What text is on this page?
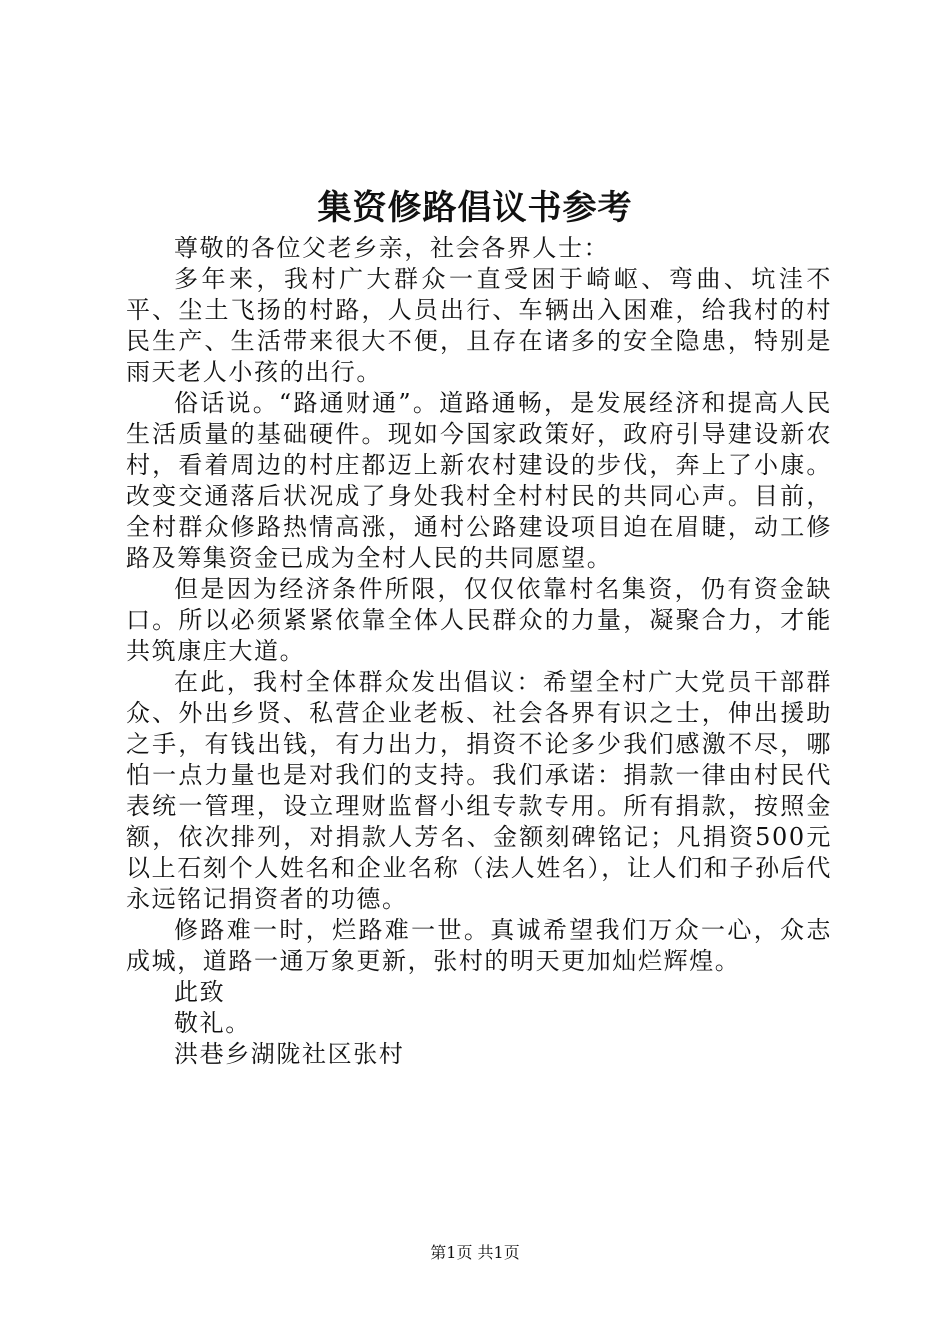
集资修路倡议书参考

尊敬的各位父老乡亲，社会各界人士：

多年来，我村广大群众一直受困于崎岖、弯曲、坑洼不平、尘土飞扬的村路，人员出行、车辆出入困难，给我村的村民生产、生活带来很大不便，且存在诸多的安全隐患，特别是雨天老人小孩的出行。

俗话说。“路通财通”。道路通畅，是发展经济和提高人民生活质量的基础硬件。现如今国家政策好，政府引导建设新农村，看着周边的村庄都迈上新农村建设的步伐，奔上了小康。改变交通落后状况成了身处我村全村村民的共同心声。目前，全村群众修路热情高涨，通村公路建设项目迫在眉睫，动工修路及筹集资金已成为全村人民的共同愿望。

但是因为经济条件所限，仅仅依靠村名集资，仍有资金缺口。所以必须紧紧依靠全体人民群众的力量，凝聚合力，才能共筑康庄大道。

在此，我村全体群众发出倡议：希望全村广大党员干部群众、外出乡贤、私营企业老板、社会各界有识之士，伸出援助之手，有钱出钱，有力出力，捐资不论多少我们感激不尽，哪怕一点力量也是对我们的支持。我们承诺：捐款一律由村民代表统一管理，设立理财监督小组专款专用。所有捐款，按照金额，依次排列，对捐款人芳名、金额刻碑铭记；凡捐资500元以上石刻个人姓名和企业名称（法人姓名），让人们和子孙后代永远铭记捐资者的功德。

修路难一时，烂路难一世。真诚希望我们万众一心，众志成城，道路一通万象更新，张村的明天更加灿烂辉煌。

此致

敬礼。

洪巷乡湖陇社区张村

第1页 共1页
